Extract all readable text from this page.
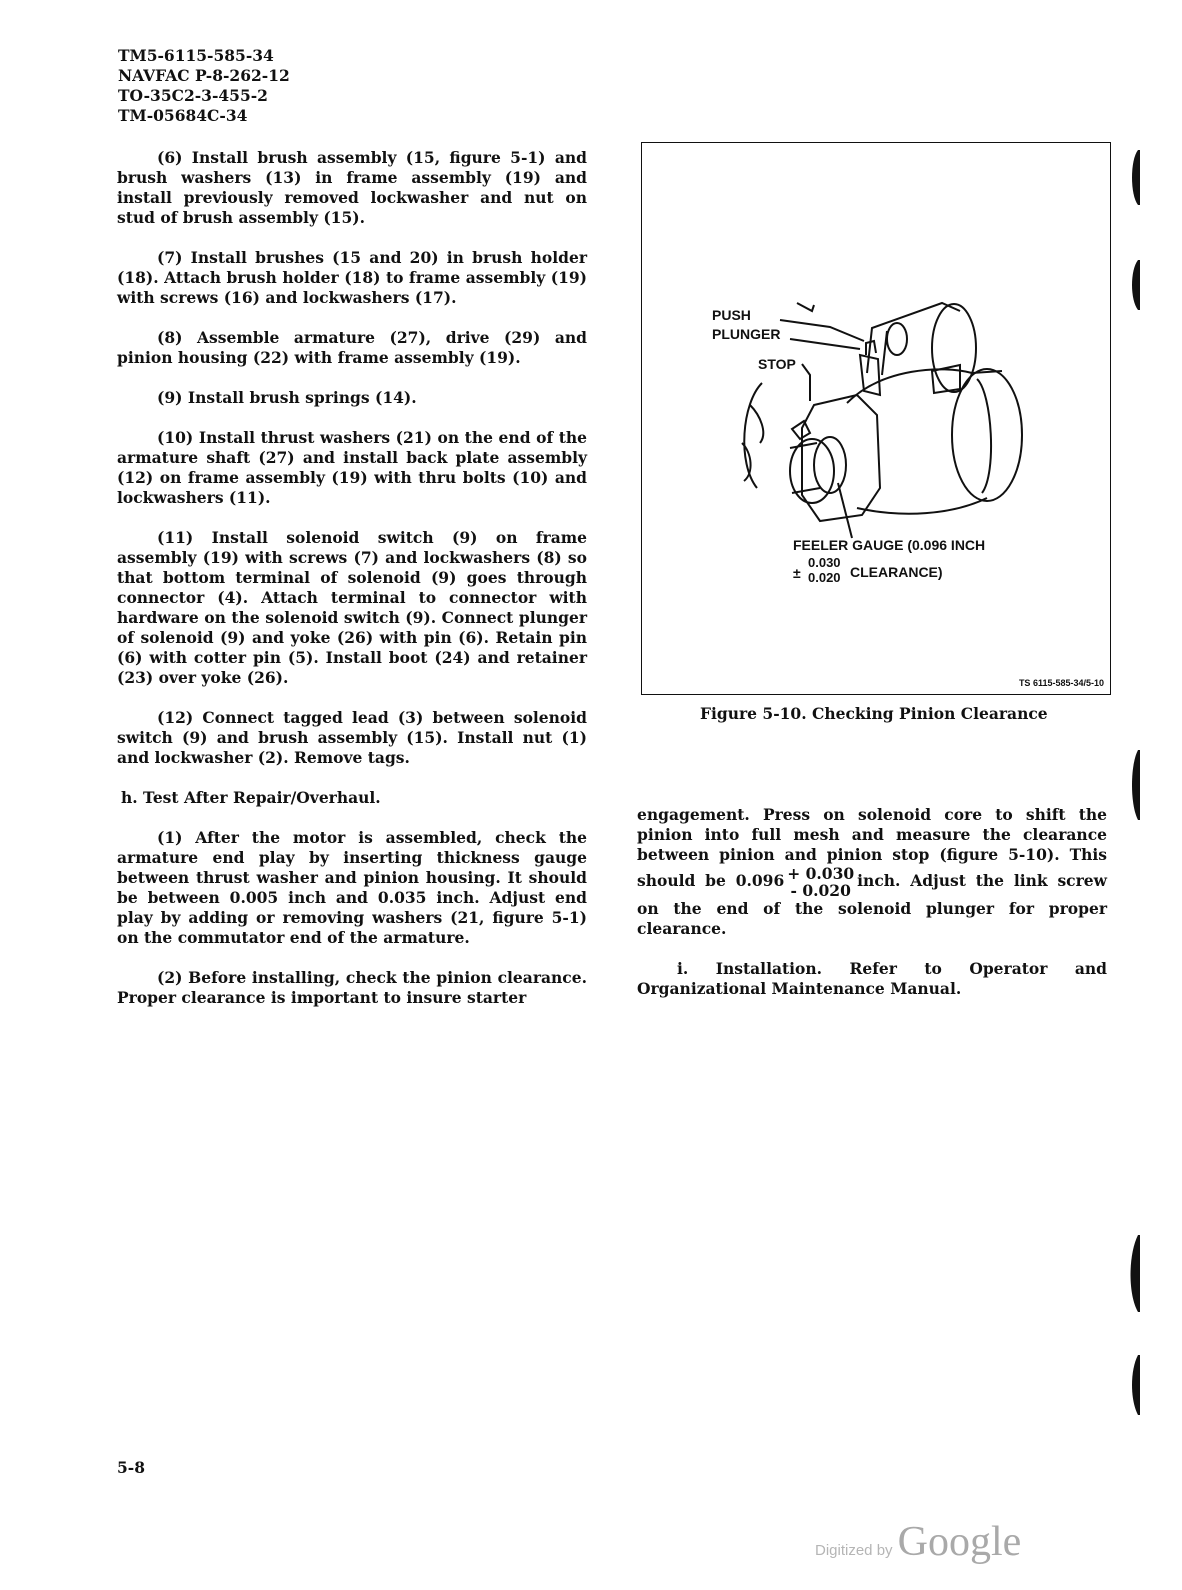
TM5-6115-585-34
NAVFAC P-8-262-12
TO-35C2-3-455-2
TM-05684C-34

(6) Install brush assembly (15, figure 5-1) and brush washers (13) in frame assembly (19) and install previously removed lockwasher and nut on stud of brush assembly (15).

(7) Install brushes (15 and 20) in brush holder (18). Attach brush holder (18) to frame assembly (19) with screws (16) and lockwashers (17).

(8) Assemble armature (27), drive (29) and pinion housing (22) with frame assembly (19).

(9) Install brush springs (14).

(10) Install thrust washers (21) on the end of the armature shaft (27) and install back plate assembly (12) on frame assembly (19) with thru bolts (10) and lockwashers (11).

(11) Install solenoid switch (9) on frame assembly (19) with screws (7) and lockwashers (8) so that bottom terminal of solenoid (9) goes through connector (4). Attach terminal to connector with hardware on the solenoid switch (9). Connect plunger of solenoid (9) and yoke (26) with pin (6). Retain pin (6) with cotter pin (5). Install boot (24) and retainer (23) over yoke (26).

(12) Connect tagged lead (3) between solenoid switch (9) and brush assembly (15). Install nut (1) and lockwasher (2). Remove tags.

h. Test After Repair/Overhaul.

(1) After the motor is assembled, check the armature end play by inserting thickness gauge between thrust washer and pinion housing. It should be between 0.005 inch and 0.035 inch. Adjust end play by adding or removing washers (21, figure 5-1) on the commutator end of the armature.

(2) Before installing, check the pinion clearance. Proper clearance is important to insure starter

PUSH
PLUNGER
STOP
FEELER GAUGE (0.096 INCH
±
0.030
0.020 CLEARANCE)
TS 6115-585-34/5-10
Figure 5-10. Checking Pinion Clearance

engagement. Press on solenoid core to shift the pinion into full mesh and measure the clearance between pinion and pinion stop (figure 5-10). This should be 0.096 + 0.030
- 0.020
inch. Adjust the link screw on the end of the solenoid plunger for proper clearance.

i. Installation. Refer to Operator and Organizational Maintenance Manual.

5-8
Digitized by Google
